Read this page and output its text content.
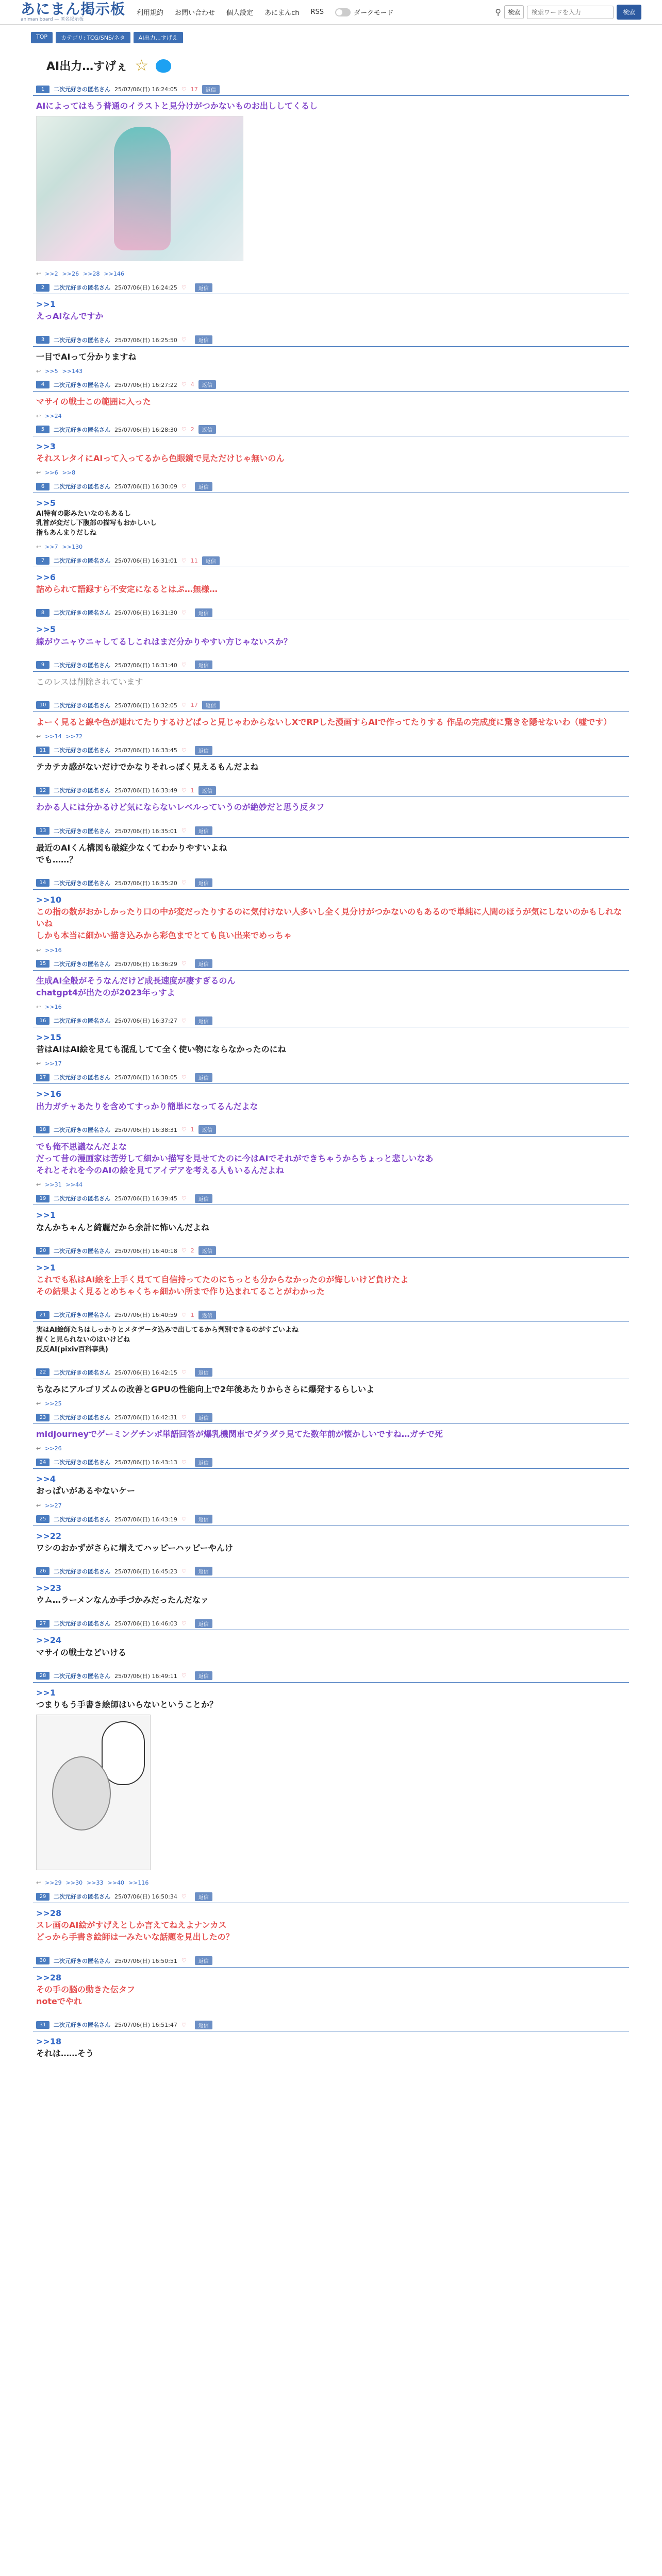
あにまん掲示板
animan board — 匿名掲示板
利用規約 お問い合わせ 個人設定 あにまんch RSS	ダークモード	⚲	検索
検索ワードを入力	検索
TOP	カテゴリ: TCG/SNS/ネタ	AI出力...すげえ
AI出力…すげぇ ☆
1	二次元好きの匿名さん 25/07/06(日) 16:24:05 ♡ 17	返信
AIによってはもう普通のイラストと見分けがつかないものお出ししてくるし
↩ >>2 >>26 >>28 >>146
2	二次元好きの匿名さん 25/07/06(日) 16:24:25 ♡	返信
>>1
えっAIなんですか
3	二次元好きの匿名さん 25/07/06(日) 16:25:50 ♡	返信
一目でAIって分かりますね
↩ >>5 >>143
4	二次元好きの匿名さん 25/07/06(日) 16:27:22 ♡ 4	返信
マサイの戦士この範囲に入った
↩ >>24
5	二次元好きの匿名さん 25/07/06(日) 16:28:30 ♡ 2	返信
>>3
それスレタイにAIって入ってるから色眼鏡で見ただけじゃ無いのん
↩ >>6 >>8
6	二次元好きの匿名さん 25/07/06(日) 16:30:09 ♡	返信
>>5
AI特有の影みたいなのもあるし
乳首が変だし下腹部の描写もおかしいし
指もあんまりだしね
↩ >>7 >>130
7	二次元好きの匿名さん 25/07/06(日) 16:31:01 ♡ 11	返信
>>6
詰められて語録すら不安定になるとはぷ…無様…
8	二次元好きの匿名さん 25/07/06(日) 16:31:30 ♡	返信
>>5
線がウニャウニャしてるしこれはまだ分かりやすい方じゃないスか？
9	二次元好きの匿名さん 25/07/06(日) 16:31:40 ♡	返信
このレスは削除されています
10	二次元好きの匿名さん 25/07/06(日) 16:32:05 ♡ 17	返信
よーく見ると線や色が連れてたりするけどぱっと見じゃわからないしXでRPした漫画すらAIで作ってたりする 作品の完成度に驚きを隠せないわ（嘘です）
↩ >>14 >>72
11	二次元好きの匿名さん 25/07/06(日) 16:33:45 ♡	返信
テカテカ感がないだけでかなりそれっぽく見えるもんだよね
12	二次元好きの匿名さん 25/07/06(日) 16:33:49 ♡ 1	返信
わかる人には分かるけど気にならないレベルっていうのが絶妙だと思う反タフ
13	二次元好きの匿名さん 25/07/06(日) 16:35:01 ♡	返信
最近のAIくん構図も破綻少なくてわかりやすいよね
でも……？
14	二次元好きの匿名さん 25/07/06(日) 16:35:20 ♡	返信
>>10
この指の数がおかしかったり口の中が変だったりするのに気付けない人多いし全く見分けがつかないのもあるので単純に人間のほうが気にしないのかもしれないね
しかも本当に細かい描き込みから彩色までとても良い出来でめっちゃ
↩ >>16
15	二次元好きの匿名さん 25/07/06(日) 16:36:29 ♡	返信
生成AI全般がそうなんだけど成長速度が凄すぎるのん
chatgpt4が出たのが2023年っすよ
↩ >>16
16	二次元好きの匿名さん 25/07/06(日) 16:37:27 ♡	返信
>>15
昔はAIはAI絵を見ても混乱してて全く使い物にならなかったのにね
↩ >>17
17	二次元好きの匿名さん 25/07/06(日) 16:38:05 ♡	返信
>>16
出力ガチャあたりを含めてすっかり簡単になってるんだよな
18	二次元好きの匿名さん 25/07/06(日) 16:38:31 ♡ 1	返信
でも俺不思議なんだよな
だって昔の漫画家は苦労して細かい描写を見せてたのに今はAIでそれができちゃうからちょっと悲しいなあ
それとそれを今のAIの絵を見てアイデアを考える人もいるんだよね
↩ >>31 >>44
19	二次元好きの匿名さん 25/07/06(日) 16:39:45 ♡	返信
>>1
なんかちゃんと綺麗だから余計に怖いんだよね
20	二次元好きの匿名さん 25/07/06(日) 16:40:18 ♡ 2	返信
>>1
これでも私はAI絵を上手く見てて自信持ってたのにちっとも分からなかったのが悔しいけど負けたよ
その結果よく見るとめちゃくちゃ細かい所まで作り込まれてることがわかった
21	二次元好きの匿名さん 25/07/06(日) 16:40:59 ♡ 1	返信
実はAI絵師たちはしっかりとメタデータ込みで出してるから判別できるのがすごいよね
描くと見られないのはいけどね
反反AI(pixiv百科事典)
22	二次元好きの匿名さん 25/07/06(日) 16:42:15 ♡	返信
ちなみにアルゴリズムの改善とGPUの性能向上で2年後あたりからさらに爆発するらしいよ
↩ >>25
23	二次元好きの匿名さん 25/07/06(日) 16:42:31 ♡	返信
midjourneyでゲーミングチンポ単語回答が爆乳機関車でダラダラ見てた数年前が懐かしいですね…ガチで死
↩ >>26
24	二次元好きの匿名さん 25/07/06(日) 16:43:13 ♡	返信
>>4
おっぱいがあるやないケー
↩ >>27
25	二次元好きの匿名さん 25/07/06(日) 16:43:19 ♡	返信
>>22
ワシのおかずがさらに増えてハッピーハッピーやんけ
26	二次元好きの匿名さん 25/07/06(日) 16:45:23 ♡	返信
>>23
ウム…ラーメンなんか手づかみだったんだなァ
27	二次元好きの匿名さん 25/07/06(日) 16:46:03 ♡	返信
>>24
マサイの戦士などいける
28	二次元好きの匿名さん 25/07/06(日) 16:49:11 ♡	返信
>>1
つまりもう手書き絵師はいらないということか？
↩ >>29 >>30 >>33 >>40 >>116
29	二次元好きの匿名さん 25/07/06(日) 16:50:34 ♡	返信
>>28
スレ画のAI絵がすげえとしか言えてねえよナンカス
どっから手書き絵師は一みたいな話題を見出したの？
30	二次元好きの匿名さん 25/07/06(日) 16:50:51 ♡	返信
>>28
その手の脳の動きた伝タフ
noteでやれ
31	二次元好きの匿名さん 25/07/06(日) 16:51:47 ♡	返信
>>18
それは……そう
